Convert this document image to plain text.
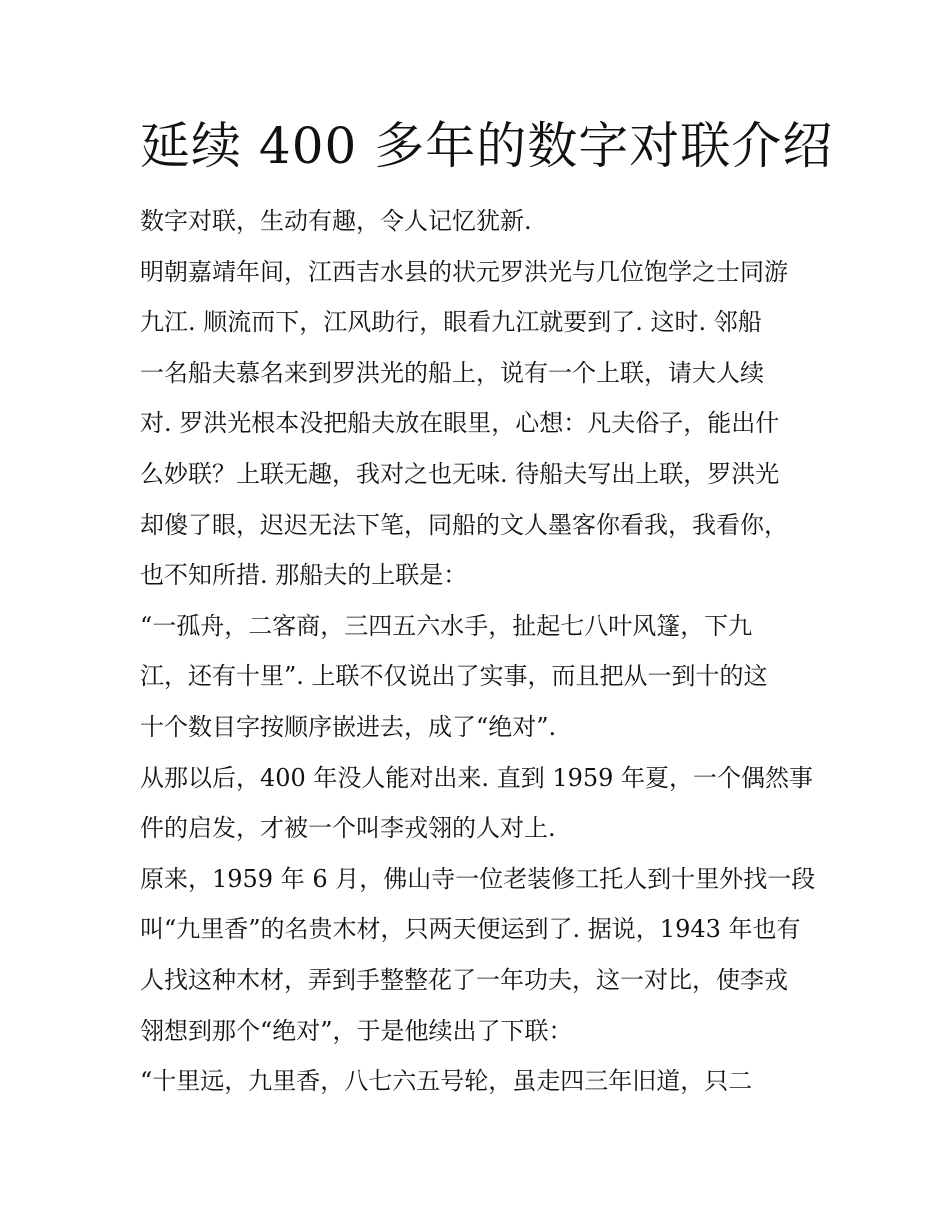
延续 400 多年的数字对联介绍
数字对联，生动有趣，令人记忆犹新.
明朝嘉靖年间，江西吉水县的状元罗洪光与几位饱学之士同游
九江. 顺流而下，江风助行，眼看九江就要到了. 这时. 邻船
一名船夫慕名来到罗洪光的船上，说有一个上联，请大人续
对. 罗洪光根本没把船夫放在眼里，心想：凡夫俗子，能出什
么妙联？上联无趣，我对之也无味. 待船夫写出上联，罗洪光
却傻了眼，迟迟无法下笔，同船的文人墨客你看我，我看你，
也不知所措. 那船夫的上联是：
“一孤舟，二客商，三四五六水手，扯起七八叶风篷，下九
江，还有十里”. 上联不仅说出了实事，而且把从一到十的这
十个数目字按顺序嵌进去，成了“绝对”.
从那以后，400 年没人能对出来. 直到 1959 年夏，一个偶然事
件的启发，才被一个叫李戎翎的人对上.
原来，1959 年 6 月，佛山寺一位老装修工托人到十里外找一段
叫“九里香”的名贵木材，只两天便运到了. 据说，1943 年也有
人找这种木材，弄到手整整花了一年功夫，这一对比，使李戎
翎想到那个“绝对”，于是他续出了下联：
“十里远，九里香，八七六五号轮，虽走四三年旧道，只二
